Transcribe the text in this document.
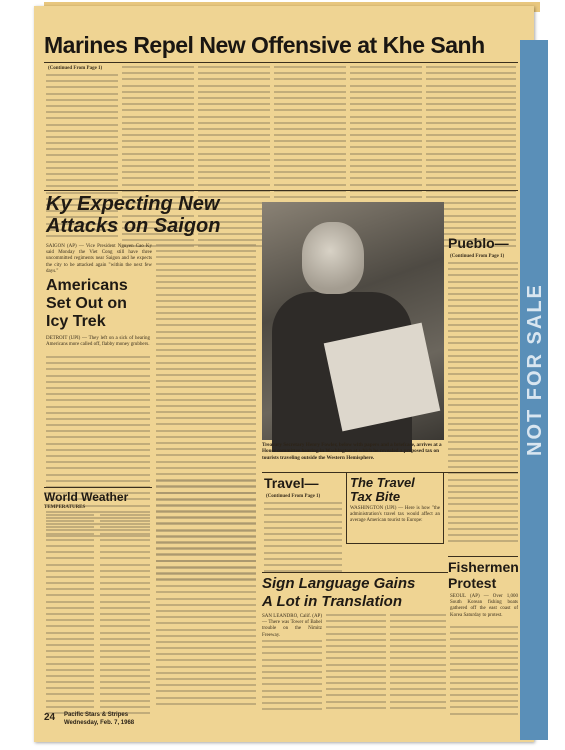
NOT FOR SALE
Marines Repel New Offensive at Khe Sanh
(Continued From Page 1)
Ky Expecting New
Attacks on Saigon
SAIGON (AP) — Vice President Nguyen Cao Ky said Monday the Viet Cong still have three uncommitted regiments near Saigon and he expects the city to be attacked again "within the next few days."
Americans
Set Out on
Icy Trek
DETROIT (UPI) — They left on a sick of hearing Americans more called off, flabby money grubbers.
World Weather
TEMPERATURES
Treasury Secretary Henry Fowler, below with papers and a briefcase, arrives at a House committee hearing in Washington at which he revealed a proposed tax on tourists traveling outside the Western Hemisphere.
Pueblo—
(Continued From Page 1)
Travel—
(Continued From Page 1)
The Travel
Tax Bite
WASHINGTON (UPI) — Here is how "the administration's travel tax would affect an average American tourist to Europe:
Sign Language Gains
A Lot in Translation
SAN LEANDRO, Calif. (AP) — There was Tower of Babel trouble on the Nimitz Freeway.
Fishermen
Protest
SEOUL (AP) — Over 1,000 South Korean fishing boats gathered off the east coast of Korea Saturday to protest.
24 Pacific Stars & Stripes
Wednesday, Feb. 7, 1968
